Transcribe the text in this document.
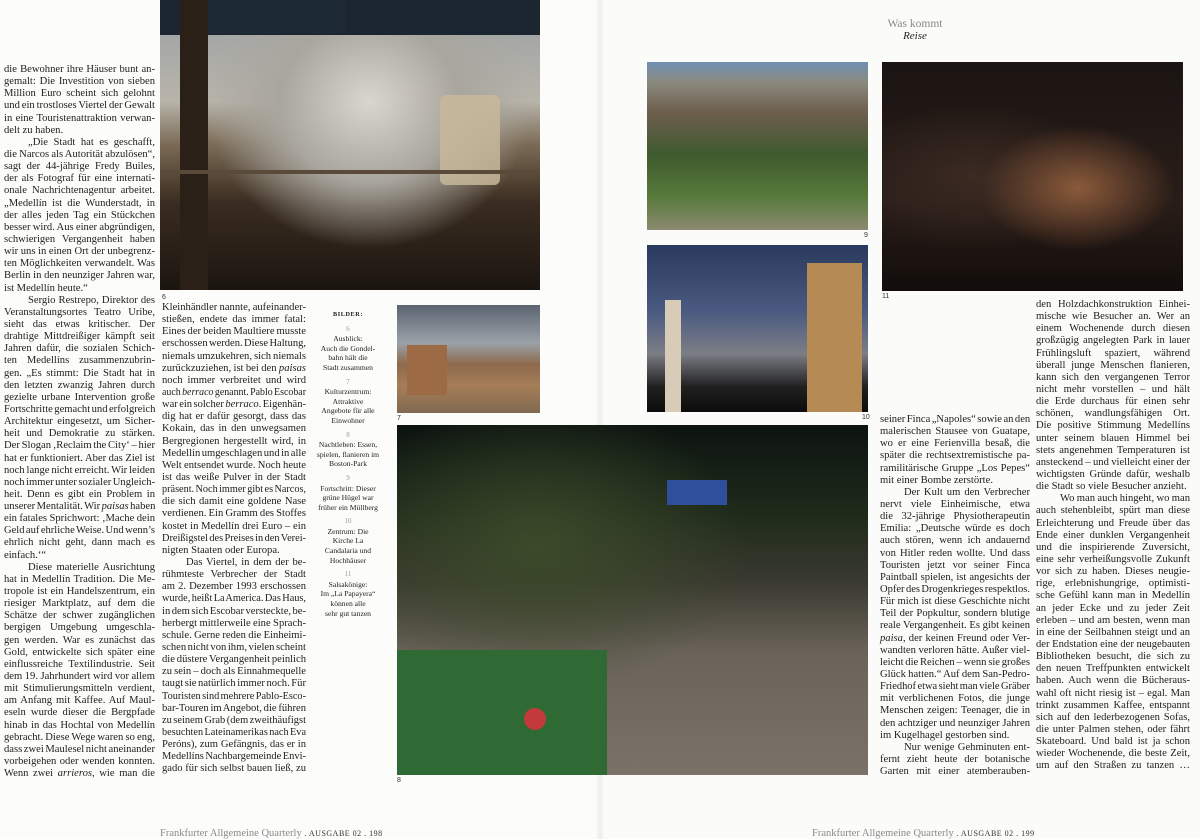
Was kommt
Reise
6
7
8
9
10
11
BILDER:
6
Ausblick:
Auch die Gondel-
bahn hält die
Stadt zusammen
7
Kulturzentrum:
Attraktive
Angebote für alle
Einwohner
8
Nachtleben: Essen,
spielen, flanieren im
Boston-Park
9
Fortschritt: Dieser
grüne Hügel war
früher ein Müllberg
10
Zentrum: Die
Kirche La
Candalaria und
Hochhäuser
11
Salsakönige:
Im „La Papayera“
können alle
sehr gut tanzen
die Bewohner ihre Häuser bunt an-
gemalt: Die Investition von sieben
Million Euro scheint sich gelohnt
und ein trostloses Viertel der Gewalt
in eine Touristenattraktion verwan-
delt zu haben.
„Die Stadt hat es geschafft,
die Narcos als Autorität abzulösen“,
sagt der 44-jährige Fredy Builes,
der als Fotograf für eine internati-
onale Nachrichtenagentur arbeitet.
„Medellín ist die Wunderstadt, in
der alles jeden Tag ein Stückchen
besser wird. Aus einer abgründigen,
schwierigen Vergangenheit haben
wir uns in einen Ort der unbegrenz-
ten Möglichkeiten verwandelt. Was
Berlin in den neunziger Jahren war,
ist Medellín heute.“
Sergio Restrepo, Direktor des
Veranstaltungsortes Teatro Uribe,
sieht das etwas kritischer. Der
drahtige Mittdreißiger kämpft seit
Jahren dafür, die sozialen Schich-
ten Medellíns zusammenzubrin-
gen. „Es stimmt: Die Stadt hat in
den letzten zwanzig Jahren durch
gezielte urbane Intervention große
Fortschritte gemacht und erfolgreich
Architektur eingesetzt, um Sicher-
heit und Demokratie zu stärken.
Der Slogan ‚Reclaim the City‘ – hier
hat er funktioniert. Aber das Ziel ist
noch lange nicht erreicht. Wir leiden
noch immer unter sozialer Ungleich-
heit. Denn es gibt ein Problem in
unserer Mentalität. Wir paisas haben
ein fatales Sprichwort: ‚Mache dein
Geld auf ehrliche Weise. Und wenn’s
ehrlich nicht geht, dann mach es
einfach.‘“
Diese materielle Ausrichtung
hat in Medellín Tradition. Die Me-
tropole ist ein Handelszentrum, ein
riesiger Marktplatz, auf dem die
Schätze der schwer zugänglichen
bergigen Umgebung umgeschla-
gen werden. War es zunächst das
Gold, entwickelte sich später eine
einflussreiche Textilindustrie. Seit
dem 19. Jahrhundert wird vor allem
mit Stimulierungsmitteln verdient,
am Anfang mit Kaffee. Auf Maul-
eseln wurde dieser die Bergpfade
hinab in das Hochtal von Medellín
gebracht. Diese Wege waren so eng,
dass zwei Maulesel nicht aneinander
vorbeigehen oder wenden konnten.
Wenn zwei arrieros, wie man die
Kleinhändler nannte, aufeinander-
stießen, endete das immer fatal:
Eines der beiden Maultiere musste
erschossen werden. Diese Haltung,
niemals umzukehren, sich niemals
zurückzuziehen, ist bei den paisas
noch immer verbreitet und wird
auch berraco genannt. Pablo Escobar
war ein solcher berraco. Eigenhän-
dig hat er dafür gesorgt, dass das
Kokain, das in den unwegsamen
Bergregionen hergestellt wird, in
Medellín umgeschlagen und in alle
Welt entsendet wurde. Noch heute
ist das weiße Pulver in der Stadt
präsent. Noch immer gibt es Narcos,
die sich damit eine goldene Nase
verdienen. Ein Gramm des Stoffes
kostet in Medellín drei Euro – ein
Dreißigstel des Preises in den Verei-
nigten Staaten oder Europa.
Das Viertel, in dem der be-
rühmteste Verbrecher der Stadt
am 2. Dezember 1993 erschossen
wurde, heißt La America. Das Haus,
in dem sich Escobar versteckte, be-
herbergt mittlerweile eine Sprach-
schule. Gerne reden die Einheimi-
schen nicht von ihm, vielen scheint
die düstere Vergangenheit peinlich
zu sein – doch als Einnahmequelle
taugt sie natürlich immer noch. Für
Touristen sind mehrere Pablo-Esco-
bar-Touren im Angebot, die führen
zu seinem Grab (dem zweithäufigst
besuchten Lateinamerikas nach Eva
Peróns), zum Gefängnis, das er in
Medellíns Nachbargemeinde Envi-
gado für sich selbst bauen ließ, zu
seiner Finca „Napoles“ sowie an den
malerischen Stausee von Guatape,
wo er eine Ferienvilla besaß, die
später die rechtsextremistische pa-
ramilitärische Gruppe „Los Pepes“
mit einer Bombe zerstörte.
Der Kult um den Verbrecher
nervt viele Einheimische, etwa
die 32-jährige Physiotherapeutin
Emilia: „Deutsche würde es doch
auch stören, wenn ich andauernd
von Hitler reden wollte. Und dass
Touristen jetzt vor seiner Finca
Paintball spielen, ist angesichts der
Opfer des Drogenkrieges respektlos.
Für mich ist diese Geschichte nicht
Teil der Popkultur, sondern blutige
reale Vergangenheit. Es gibt keinen
paisa, der keinen Freund oder Ver-
wandten verloren hätte. Außer viel-
leicht die Reichen – wenn sie großes
Glück hatten.“ Auf dem San-Pedro-
Friedhof etwa sieht man viele Gräber
mit verblichenen Fotos, die junge
Menschen zeigen: Teenager, die in
den achtziger und neunziger Jahren
im Kugelhagel gestorben sind.
Nur wenige Gehminuten ent-
fernt zieht heute der botanische
Garten mit einer atemberauben-
den Holzdachkonstruktion Einhei-
mische wie Besucher an. Wer an
einem Wochenende durch diesen
großzügig angelegten Park in lauer
Frühlingsluft spaziert, während
überall junge Menschen flanieren,
kann sich den vergangenen Terror
nicht mehr vorstellen – und hält
die Erde durchaus für einen sehr
schönen, wandlungsfähigen Ort.
Die positive Stimmung Medellíns
unter seinem blauen Himmel bei
stets angenehmen Temperaturen ist
ansteckend – und vielleicht einer der
wichtigsten Gründe dafür, weshalb
die Stadt so viele Besucher anzieht.
Wo man auch hingeht, wo man
auch stehenbleibt, spürt man diese
Erleichterung und Freude über das
Ende einer dunklen Vergangenheit
und die inspirierende Zuversicht,
eine sehr verheißungsvolle Zukunft
vor sich zu haben. Dieses neugie-
rige, erlebnishungrige, optimisti-
sche Gefühl kann man in Medellín
an jeder Ecke und zu jeder Zeit
erleben – und am besten, wenn man
in eine der Seilbahnen steigt und an
der Endstation eine der neugebauten
Bibliotheken besucht, die sich zu
den neuen Treffpunkten entwickelt
haben. Auch wenn die Bücheraus-
wahl oft nicht riesig ist – egal. Man
trinkt zusammen Kaffee, entspannt
sich auf den lederbezogenen Sofas,
die unter Palmen stehen, oder fährt
Skateboard. Und bald ist ja schon
wieder Wochenende, die beste Zeit,
um auf den Straßen zu tanzen …
Frankfurter Allgemeine Quarterly . AUSGABE 02 . 198	Frankfurter Allgemeine Quarterly . AUSGABE 02 . 199
